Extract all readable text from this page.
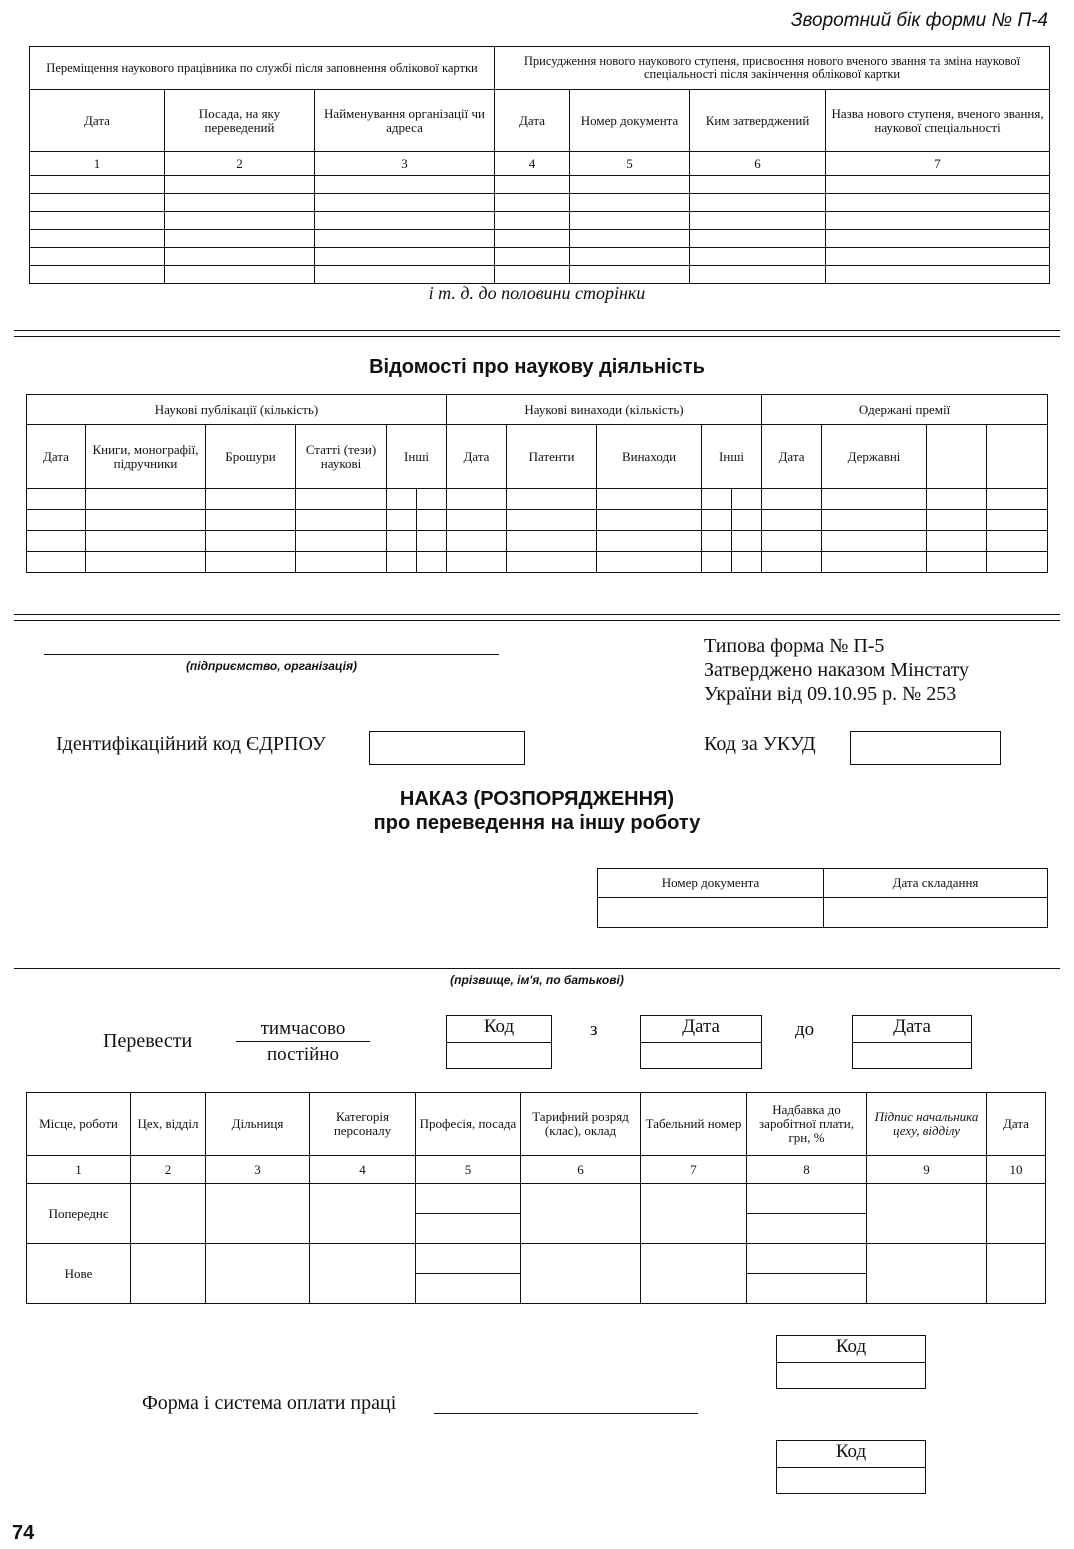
Зворотний бік форми № П-4
Переміщення наукового працівника по службі після заповнення облікової картки			Присудження нового наукового ступеня, присвоєння нового вченого звання та зміна наукової спеціальності після закінчення облікової картки			
Дата	Посада, на яку переведений	Найменування організації чи адреса	Дата	Номер документа	Ким затверджений	Назва нового ступеня, вченого звання, наукової спеціальності
1	2	3	4	5	6	7

і т. д. до половини сторінки
Відомості про наукову діяльність
Наукові публікації (кількість)						Наукові винаходи (кількість)					Одержані премії			
Дата	Книги, монографії, підручники	Брошури	Статті (тези) наукові	Інші		Дата	Патенти	Винаходи	Інші		Дата	Державні		

(підприємство, організація)
Типова форма № П-5
Затверджено наказом Мінстату
України від 09.10.95 р. № 253
Ідентифікаційний код ЄДРПОУ	Код за УКУД
НАКАЗ (РОЗПОРЯДЖЕННЯ)
про переведення на іншу роботу
Номер документа	Дата складання

(прізвище, ім'я, по батькові)
Перевести
тимчасово
постійно
Код	з	Дата	до	Дата
Місце, роботи	Цех, відділ	Дільниця	Категорія персоналу	Професія, посада	Тарифний розряд (клас), оклад	Табельний номер	Надбавка до заробітної плати, грн, %	Підпис начальника цеху, відділу	Дата
1	2	3	4	5	6	7	8	9	10
Попереднє									

Нове									

Код
Форма і система оплати праці
Код
74
